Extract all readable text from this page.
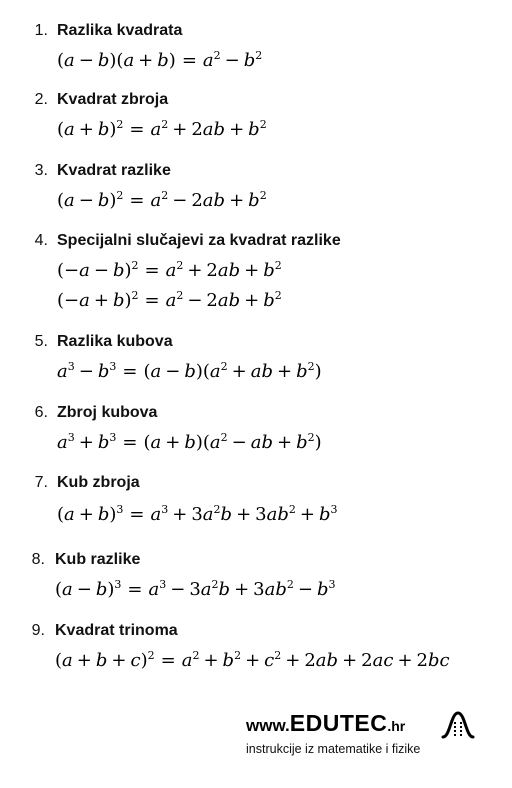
1. Razlika kvadrata
$(a - b)(a + b) = a^2 - b^2$
2. Kvadrat zbroja
$(a + b)^2 = a^2 + 2ab + b^2$
3. Kvadrat razlike
$(a - b)^2 = a^2 - 2ab + b^2$
4. Specijalni slučajevi za kvadrat razlike
$(-a - b)^2 = a^2 + 2ab + b^2$
$(-a + b)^2 = a^2 - 2ab + b^2$
5. Razlika kubova
$a^3 - b^3 = (a - b)(a^2$ + ab + $b^2$)
6. Zbroj kubova
$a^3 + b^3 = (a + b)(a^2$ − ab + $b^2$)
7. Kub zbroja
$(a + b)^3 = a^3 + 3a^2b + 3ab^2 + b^3$
8. Kub razlike
$(a - b)^3 = a^3 - 3a^2b + 3ab^2 - b^3$
9. Kvadrat trinoma
$(a + b + c)^2 = a^2 + b^2 + c^2 + 2ab + 2ac + 2bc$
www.EDUTEC.hr
instrukcije iz matematike i fizike
